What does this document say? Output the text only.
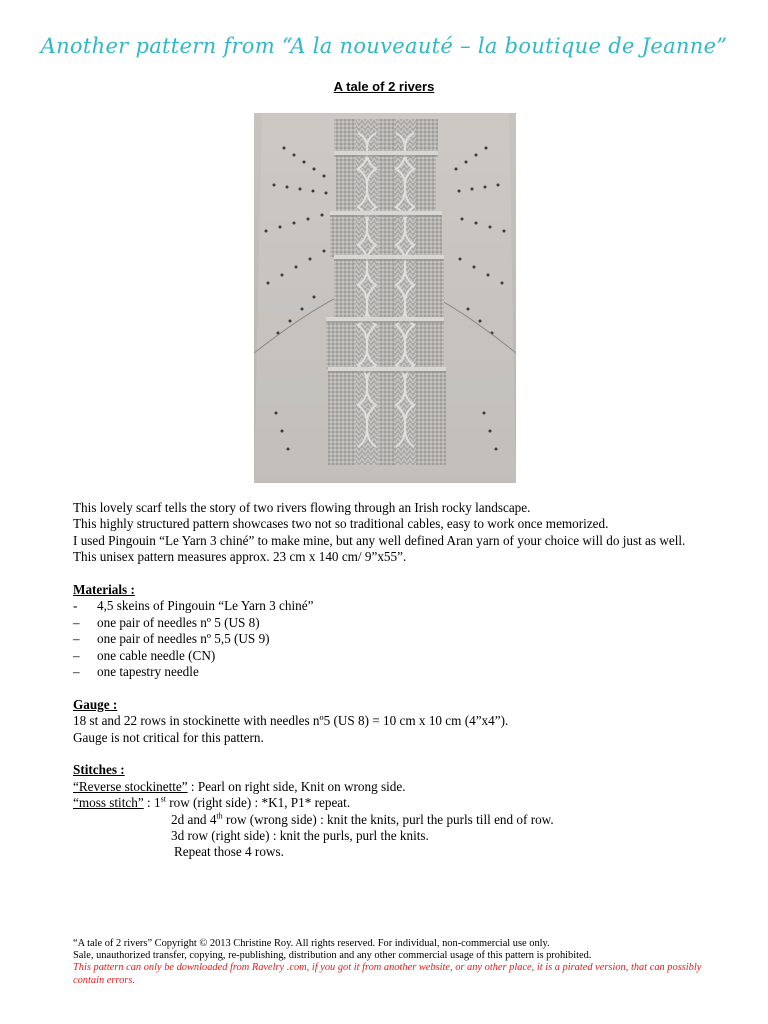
Another pattern from “A la nouveauté – la boutique de Jeanne”
A tale of 2 rivers

This lovely scarf tells the story of two rivers flowing through an Irish rocky landscape.

This highly structured pattern showcases two not so traditional cables, easy to work once memorized.

I used Pingouin “Le Yarn 3 chiné” to make mine, but any well defined Aran yarn of your choice will do just as well.

This unisex pattern measures approx. 23 cm x 140 cm/ 9”x55”.

Materials :

-	4,5 skeins of Pingouin “Le Yarn 3 chiné”
–	one pair of needles nº 5 (US 8)
–	one pair of needles nº 5,5 (US 9)
–	one cable needle (CN)
–	one tapestry needle

Gauge :

18 st and 22 rows in stockinette with needles nº5 (US 8) = 10 cm x 10 cm (4”x4”).

Gauge is not critical for this pattern.

Stitches :

“Reverse stockinette” : Pearl on right side, Knit on wrong side.

“moss stitch” : 1st row (right side) : *K1, P1* repeat.

2d and 4th row (wrong side) : knit the knits, purl the purls till end of row.

3d row (right side) : knit the purls, purl the knits.

Repeat those 4 rows.

“A tale of 2 rivers” Copyright © 2013 Christine Roy. All rights reserved. For individual, non-commercial use only.

Sale, unauthorized transfer, copying, re-publishing, distribution and any other commercial usage of this pattern is prohibited.

This pattern can only be downloaded from Ravelry .com, if you got it from another website, or any other place, it is a pirated version, that can possibly contain errors.
